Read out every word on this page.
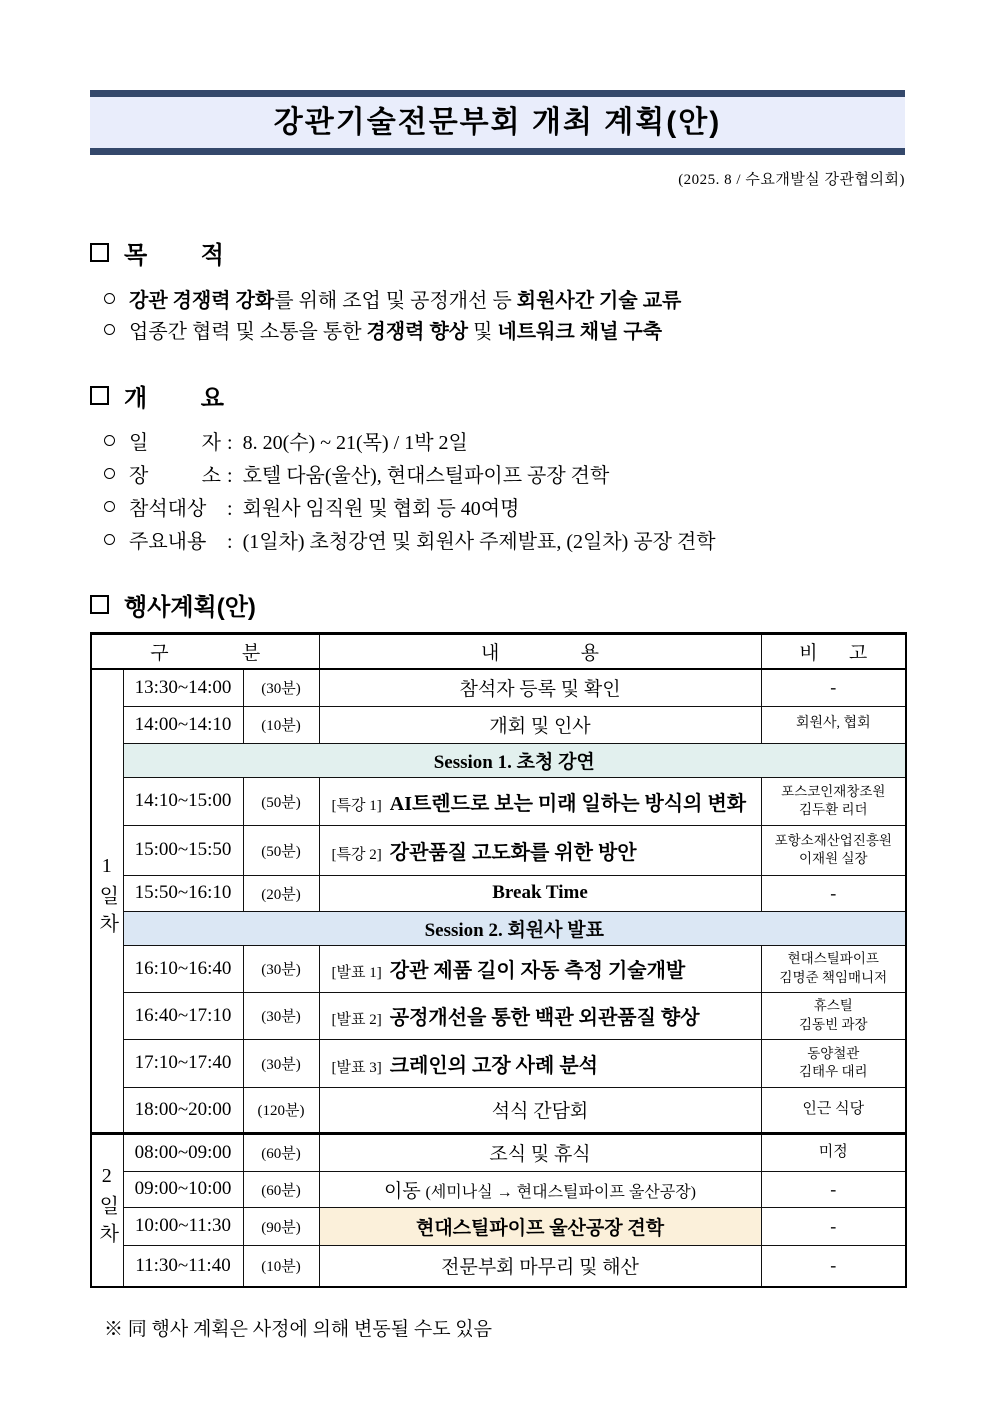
강관기술전문부회 개최 계획(안)
(2025. 8 / 수요개발실 강관협의회)
목 적
강관 경쟁력 강화를 위해 조업 및 공정개선 등 회원사간 기술 교류
업종간 협력 및 소통을 통한 경쟁력 향상 및 네트워크 채널 구축
개 요
일 자 : 8. 20(수) ~ 21(목) / 1박 2일
장 소 : 호텔 다움(울산), 현대스틸파이프 공장 견학
참석대상	: 회원사 임직원 및 협회 등 40여명
주요내용	: (1일차) 초청강연 및 회원사 주제발표, (2일차) 공장 견학
행사계획(안)
구 분			내 용	비 고
1일차	13:30~14:00	(30분)	참석자 등록 및 확인	-

	14:00~14:10	(10분)	개회 및 인사	회원사, 협회

	Session 1. 초청 강연			
	14:10~15:00	(50분)	[특강 1] AI트렌드로 보는 미래 일하는 방식의 변화	포스코인재창조원
김두환 리더

	15:00~15:50	(50분)	[특강 2] 강관품질 고도화를 위한 방안	포항소재산업진흥원
이재원 실장

	15:50~16:10	(20분)	Break Time	-

	Session 2. 회원사 발표			
	16:10~16:40	(30분)	[발표 1] 강관 제품 길이 자동 측정 기술개발	현대스틸파이프
김명준 책임매니저

	16:40~17:10	(30분)	[발표 2] 공정개선을 통한 백관 외관품질 향상	휴스틸
김동빈 과장

	17:10~17:40	(30분)	[발표 3] 크레인의 고장 사례 분석	동양철관
김태우 대리

	18:00~20:00	(120분)	석식 간담회	인근 식당

2일차	08:00~09:00	(60분)	조식 및 휴식	미정

	09:00~10:00	(60분)	이동 (세미나실 → 현대스틸파이프 울산공장)	-

	10:00~11:30	(90분)	현대스틸파이프 울산공장 견학	-

	11:30~11:40	(10분)	전문부회 마무리 및 해산	-
※ 同 행사 계획은 사정에 의해 변동될 수도 있음
